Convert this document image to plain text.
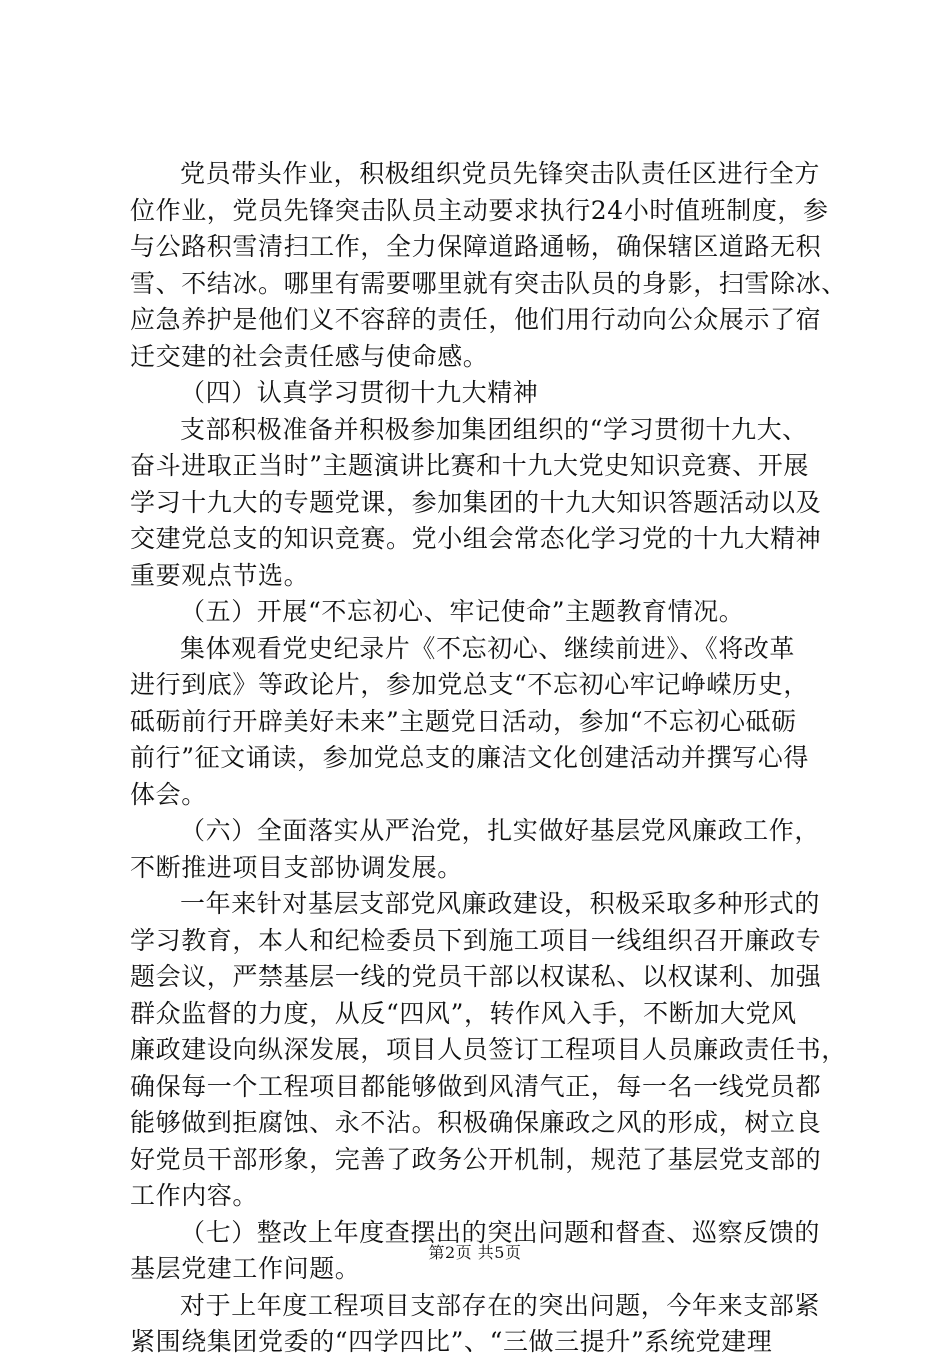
党员带头作业，积极组织党员先锋突击队责任区进行全方
位作业，党员先锋突击队员主动要求执行24小时值班制度，参
与公路积雪清扫工作，全力保障道路通畅，确保辖区道路无积
雪、不结冰。哪里有需要哪里就有突击队员的身影，扫雪除冰、
应急养护是他们义不容辞的责任，他们用行动向公众展示了宿
迁交建的社会责任感与使命感。
（四）认真学习贯彻十九大精神
支部积极准备并积极参加集团组织的“学习贯彻十九大、
奋斗进取正当时”主题演讲比赛和十九大党史知识竞赛、开展
学习十九大的专题党课，参加集团的十九大知识答题活动以及
交建党总支的知识竞赛。党小组会常态化学习党的十九大精神
重要观点节选。
（五）开展“不忘初心、牢记使命”主题教育情况。
集体观看党史纪录片《不忘初心、继续前进》、《将改革
进行到底》等政论片，参加党总支“不忘初心牢记峥嵘历史，
砥砺前行开辟美好未来”主题党日活动，参加“不忘初心砥砺
前行”征文诵读，参加党总支的廉洁文化创建活动并撰写心得
体会。
（六）全面落实从严治党，扎实做好基层党风廉政工作，
不断推进项目支部协调发展。
一年来针对基层支部党风廉政建设，积极采取多种形式的
学习教育，本人和纪检委员下到施工项目一线组织召开廉政专
题会议，严禁基层一线的党员干部以权谋私、以权谋利、加强
群众监督的力度，从反“四风”，转作风入手，不断加大党风
廉政建设向纵深发展，项目人员签订工程项目人员廉政责任书，
确保每一个工程项目都能够做到风清气正，每一名一线党员都
能够做到拒腐蚀、永不沾。积极确保廉政之风的形成，树立良
好党员干部形象，完善了政务公开机制，规范了基层党支部的
工作内容。
（七）整改上年度查摆出的突出问题和督查、巡察反馈的
基层党建工作问题。
对于上年度工程项目支部存在的突出问题，今年来支部紧
紧围绕集团党委的“四学四比”、“三做三提升”系统党建理
第2页 共5页
